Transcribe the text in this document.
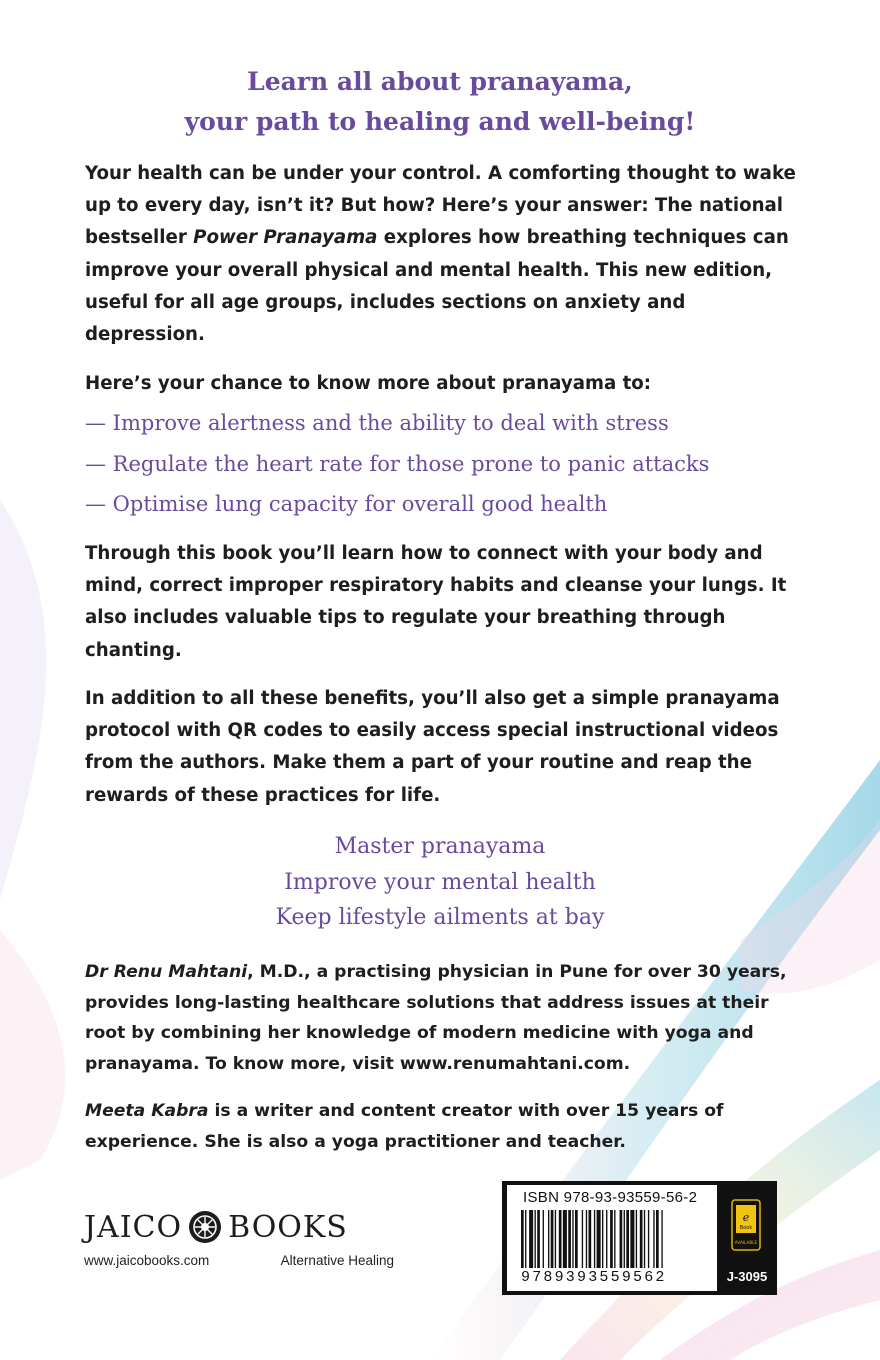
Learn all about pranayama,
your path to healing and well-being!

Your health can be under your control. A comforting thought to wake up to every day, isn’t it? But how? Here’s your answer: The national bestseller Power Pranayama explores how breathing techniques can improve your overall physical and mental health. This new edition, useful for all age groups, includes sections on anxiety and depression.

Here’s your chance to know more about pranayama to:
— Improve alertness and the ability to deal with stress
— Regulate the heart rate for those prone to panic attacks
— Optimise lung capacity for overall good health
Through this book you’ll learn how to connect with your body and mind, correct improper respiratory habits and cleanse your lungs. It also includes valuable tips to regulate your breathing through chanting.
In addition to all these benefits, you’ll also get a simple pranayama protocol with QR codes to easily access special instructional videos from the authors. Make them a part of your routine and reap the rewards of these practices for life.
Master pranayama
Improve your mental health
Keep lifestyle ailments at bay

Dr Renu Mahtani, M.D., a practising physician in Pune for over 30 years, provides long-lasting healthcare solutions that address issues at their root by combining her knowledge of modern medicine with yoga and pranayama. To know more, visit www.renumahtani.com.

Meeta Kabra is a writer and content creator with over 15 years of experience. She is also a yoga practitioner and teacher.

JAICO BOOKS
www.jaicobooks.com	Alternative Healing
ISBN 978-93-93559-56-2
9789393559562
e
Book
AVAILABLE
J-3095
